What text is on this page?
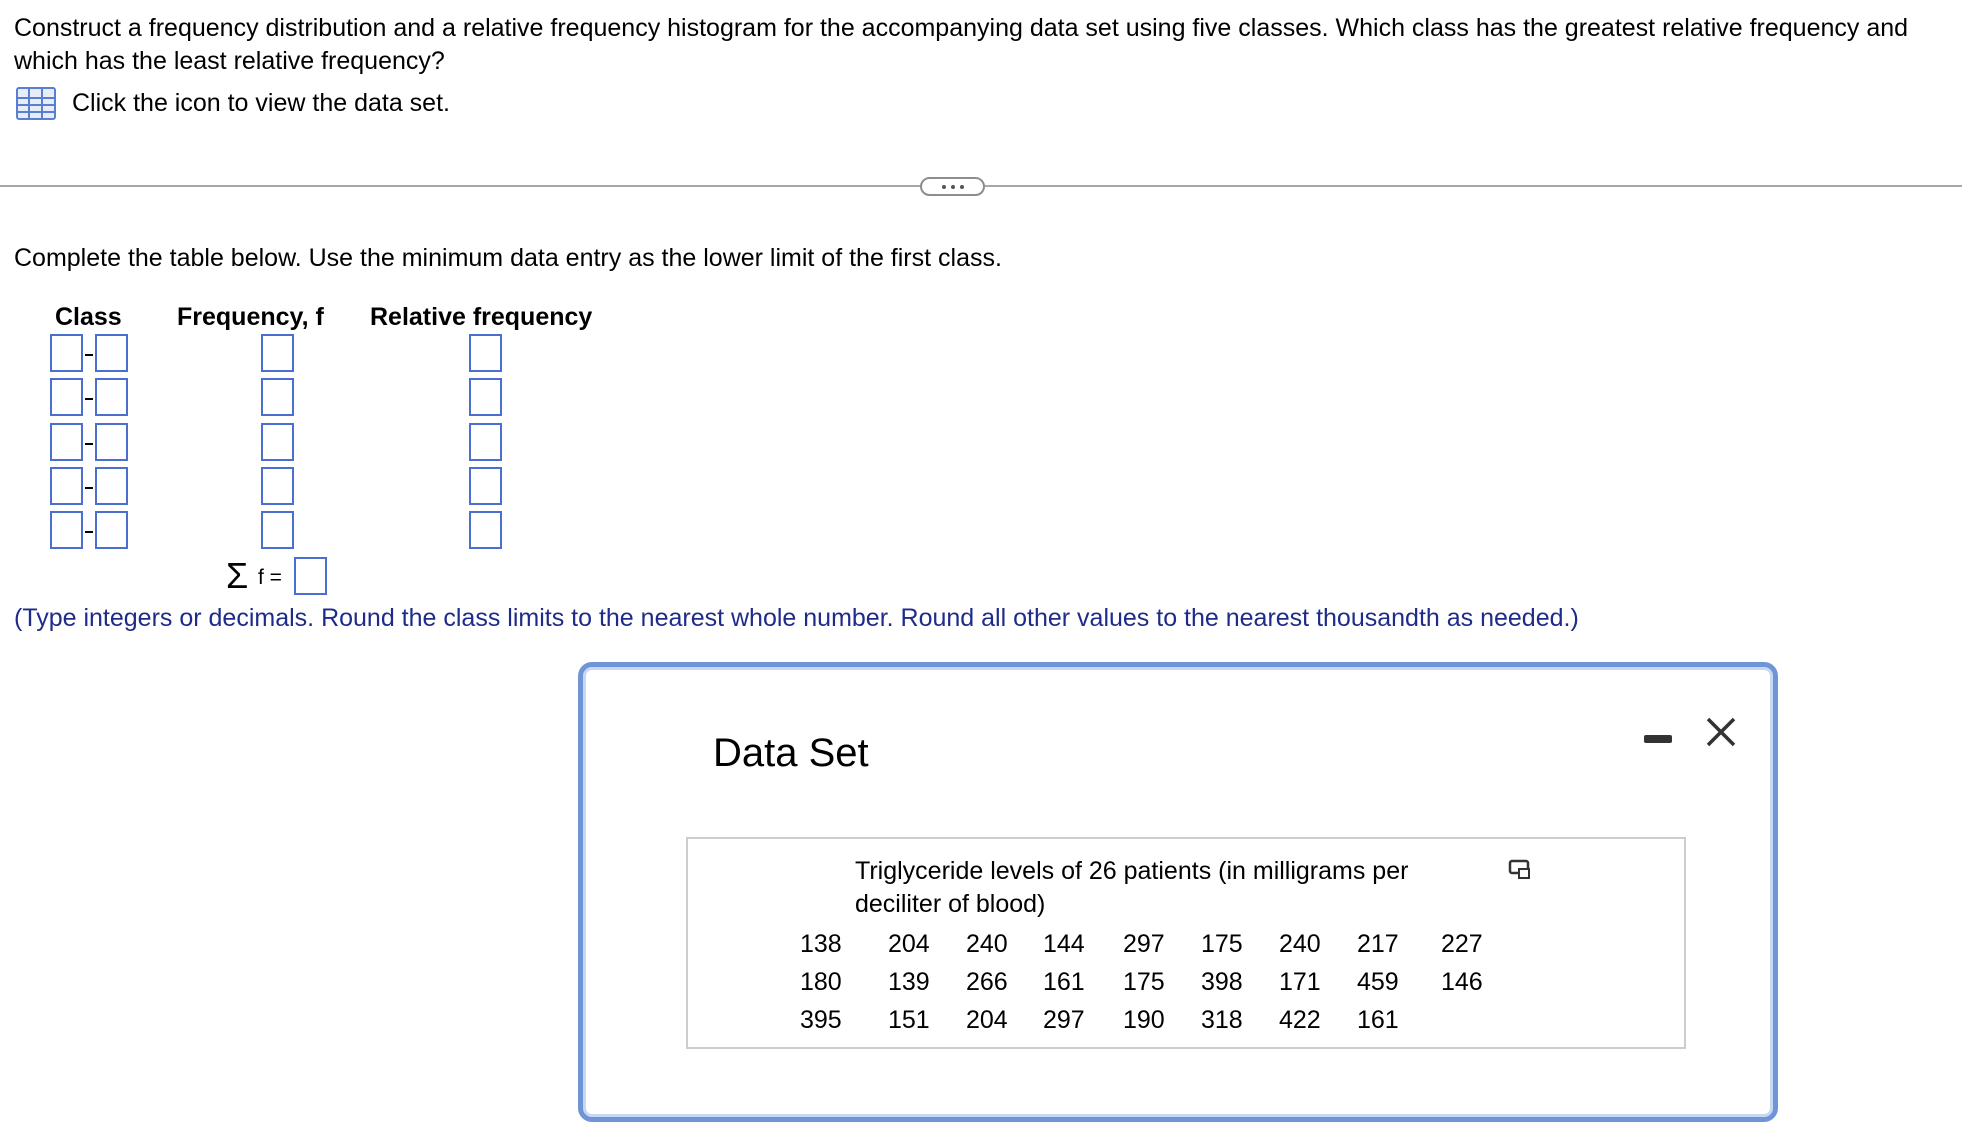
Construct a frequency distribution and a relative frequency histogram for the accompanying data set using five classes. Which class has the greatest relative frequency and which has the least relative frequency?
Click the icon to view the data set.
Complete the table below. Use the minimum data entry as the lower limit of the first class.
Class Frequency, f Relative frequency
Σ f =
(Type integers or decimals. Round the class limits to the nearest whole number. Round all other values to the nearest thousandth as needed.)
Data Set
Triglyceride levels of 26 patients (in milligrams per deciliter of blood)
138	204	240	144	297	175	240	217	227
180	139	266	161	175	398	171	459	146
395	151	204	297	190	318	422	161	
